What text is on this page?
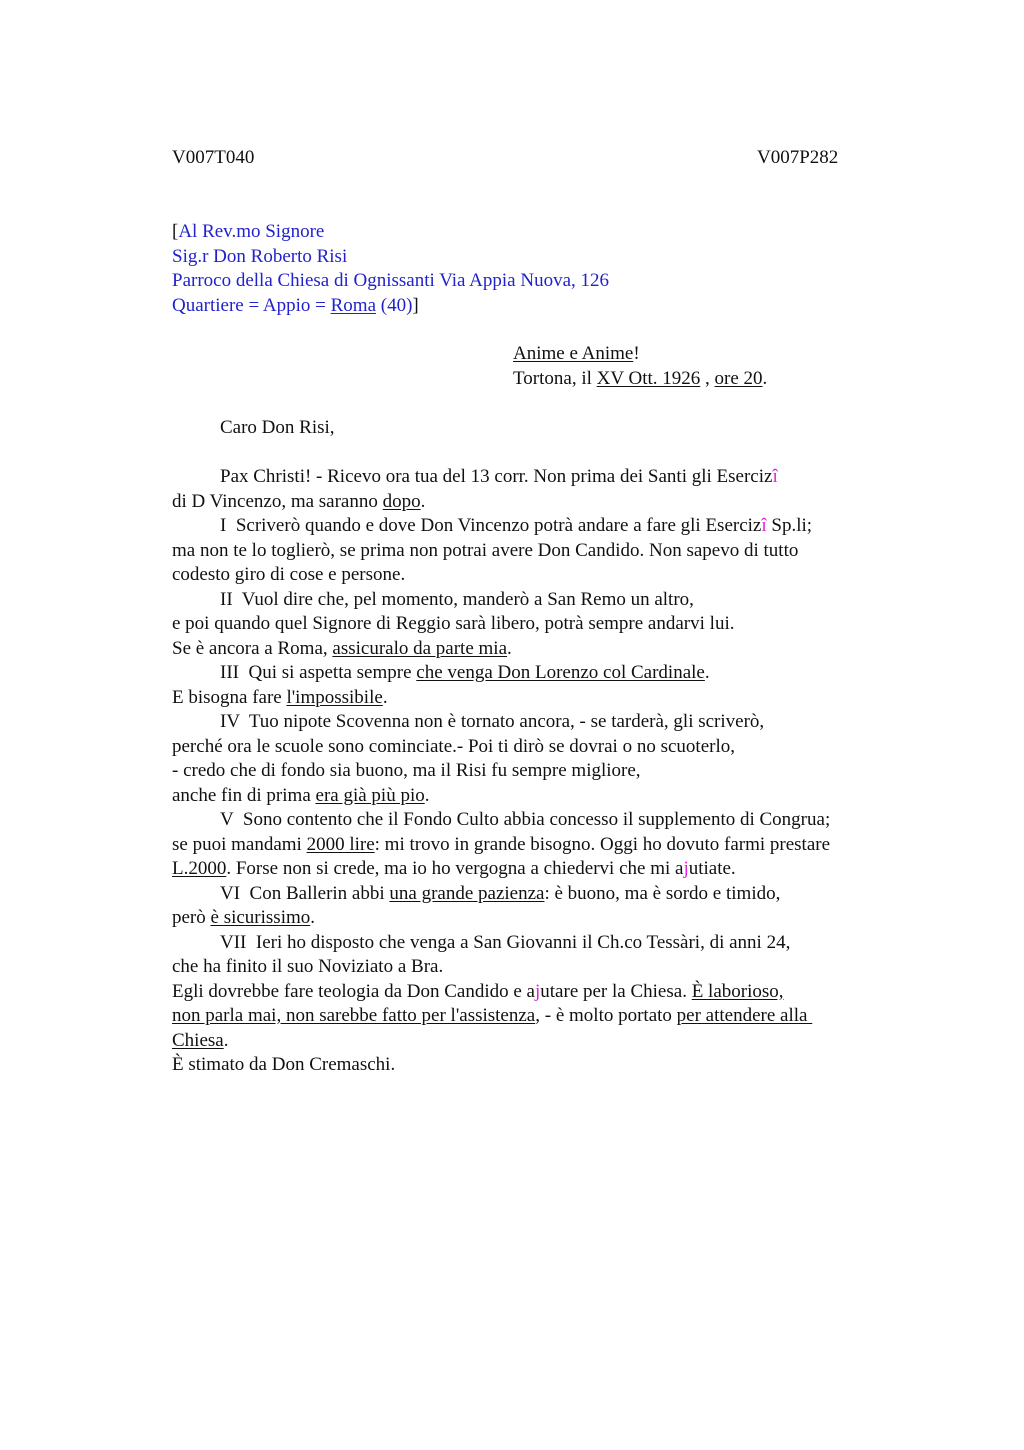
V007T040	V007P282
[Al Rev.mo Signore
Sig.r Don Roberto Risi
Parroco della Chiesa di Ognissanti Via Appia Nuova, 126
Quartiere = Appio = Roma (40)]
Anime e Anime!
Tortona, il XV Ott. 1926 , ore 20.
Caro Don Risi,
Pax Christi! - Ricevo ora tua del 13 corr. Non prima dei Santi gli Esercizî
di D Vincenzo, ma saranno dopo.
I  Scriverò quando e dove Don Vincenzo potrà andare a fare gli Esercizî Sp.li;
ma non te lo toglierò, se prima non potrai avere Don Candido. Non sapevo di tutto
codesto giro di cose e persone.
II  Vuol dire che, pel momento, manderò a San Remo un altro,
e poi quando quel Signore di Reggio sarà libero, potrà sempre andarvi lui.
Se è ancora a Roma, assicuralo da parte mia.
III  Qui si aspetta sempre che venga Don Lorenzo col Cardinale.
E bisogna fare l'impossibile.
IV  Tuo nipote Scovenna non è tornato ancora, - se tarderà, gli scriverò,
perché ora le scuole sono cominciate.- Poi ti dirò se dovrai o no scuoterlo,
- credo che di fondo sia buono, ma il Risi fu sempre migliore,
anche fin di prima era già più pio.
V  Sono contento che il Fondo Culto abbia concesso il supplemento di Congrua;
se puoi mandami 2000 lire: mi trovo in grande bisogno. Oggi ho dovuto farmi prestare
L.2000. Forse non si crede, ma io ho vergogna a chiedervi che mi ajutiate.
VI  Con Ballerin abbi una grande pazienza: è buono, ma è sordo e timido,
però è sicurissimo.
VII  Ieri ho disposto che venga a San Giovanni il Ch.co Tessàri, di anni 24,
che ha finito il suo Noviziato a Bra.
Egli dovrebbe fare teologia da Don Candido e ajutare per la Chiesa. È laborioso,
non parla mai, non sarebbe fatto per l'assistenza, - è molto portato per attendere alla
Chiesa.
È stimato da Don Cremaschi.
